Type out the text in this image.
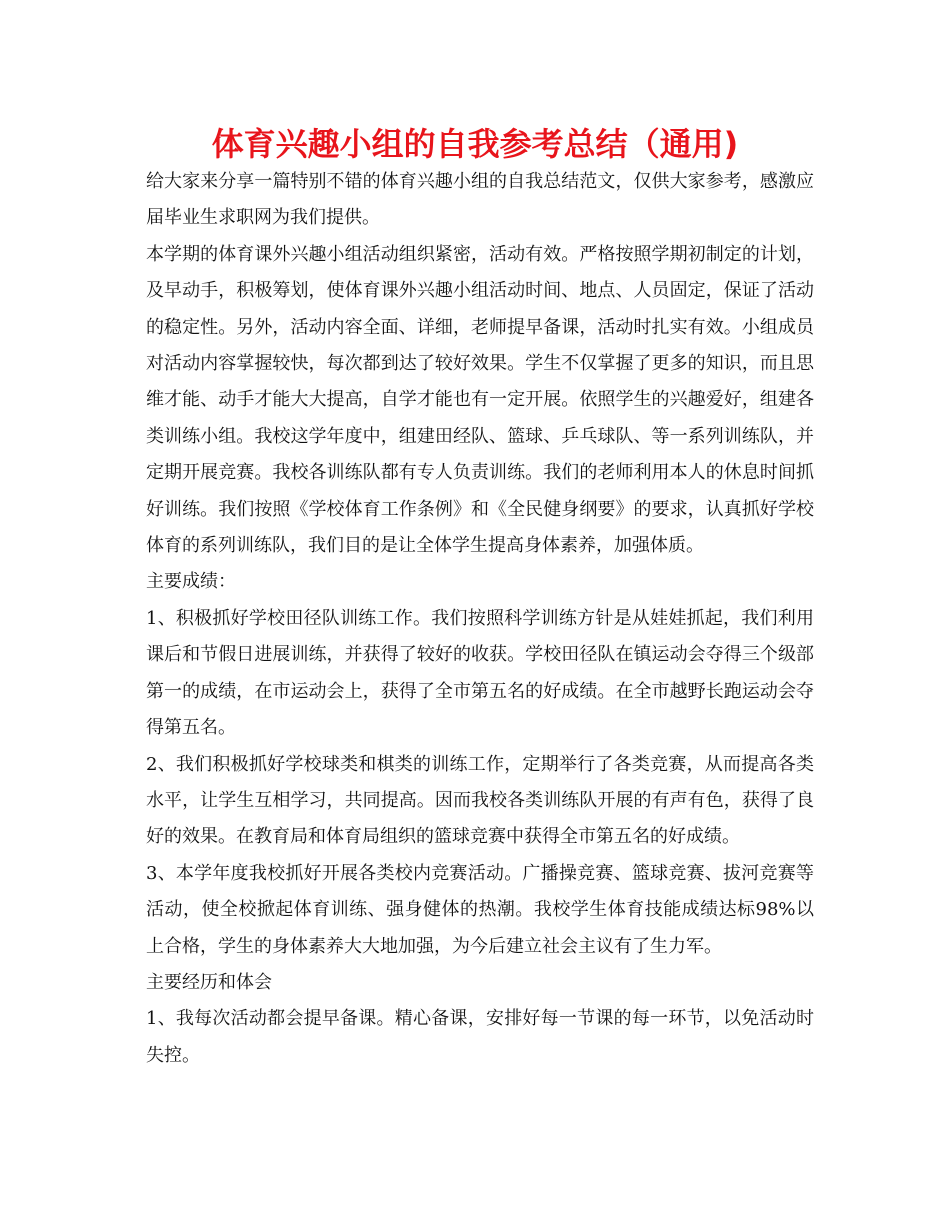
体育兴趣小组的自我参考总结（通用)

给大家来分享一篇特别不错的体育兴趣小组的自我总结范文，仅供大家参考，感激应届毕业生求职网为我们提供。

本学期的体育课外兴趣小组活动组织紧密，活动有效。严格按照学期初制定的计划，及早动手，积极筹划，使体育课外兴趣小组活动时间、地点、人员固定，保证了活动的稳定性。另外，活动内容全面、详细，老师提早备课，活动时扎实有效。小组成员对活动内容掌握较快，每次都到达了较好效果。学生不仅掌握了更多的知识，而且思维才能、动手才能大大提高，自学才能也有一定开展。依照学生的兴趣爱好，组建各类训练小组。我校这学年度中，组建田经队、篮球、乒乓球队、等一系列训练队，并定期开展竞赛。我校各训练队都有专人负责训练。我们的老师利用本人的休息时间抓好训练。我们按照《学校体育工作条例》和《全民健身纲要》的要求，认真抓好学校体育的系列训练队，我们目的是让全体学生提高身体素养，加强体质。

主要成绩：

1、积极抓好学校田径队训练工作。我们按照科学训练方针是从娃娃抓起，我们利用课后和节假日进展训练，并获得了较好的收获。学校田径队在镇运动会夺得三个级部第一的成绩，在市运动会上，获得了全市第五名的好成绩。在全市越野长跑运动会夺得第五名。

2、我们积极抓好学校球类和棋类的训练工作，定期举行了各类竞赛，从而提高各类水平，让学生互相学习，共同提高。因而我校各类训练队开展的有声有色，获得了良好的效果。在教育局和体育局组织的篮球竞赛中获得全市第五名的好成绩。

3、本学年度我校抓好开展各类校内竞赛活动。广播操竞赛、篮球竞赛、拔河竞赛等活动，使全校掀起体育训练、强身健体的热潮。我校学生体育技能成绩达标98%以上合格，学生的身体素养大大地加强，为今后建立社会主议有了生力军。

主要经历和体会

1、我每次活动都会提早备课。精心备课，安排好每一节课的每一环节，以免活动时失控。
